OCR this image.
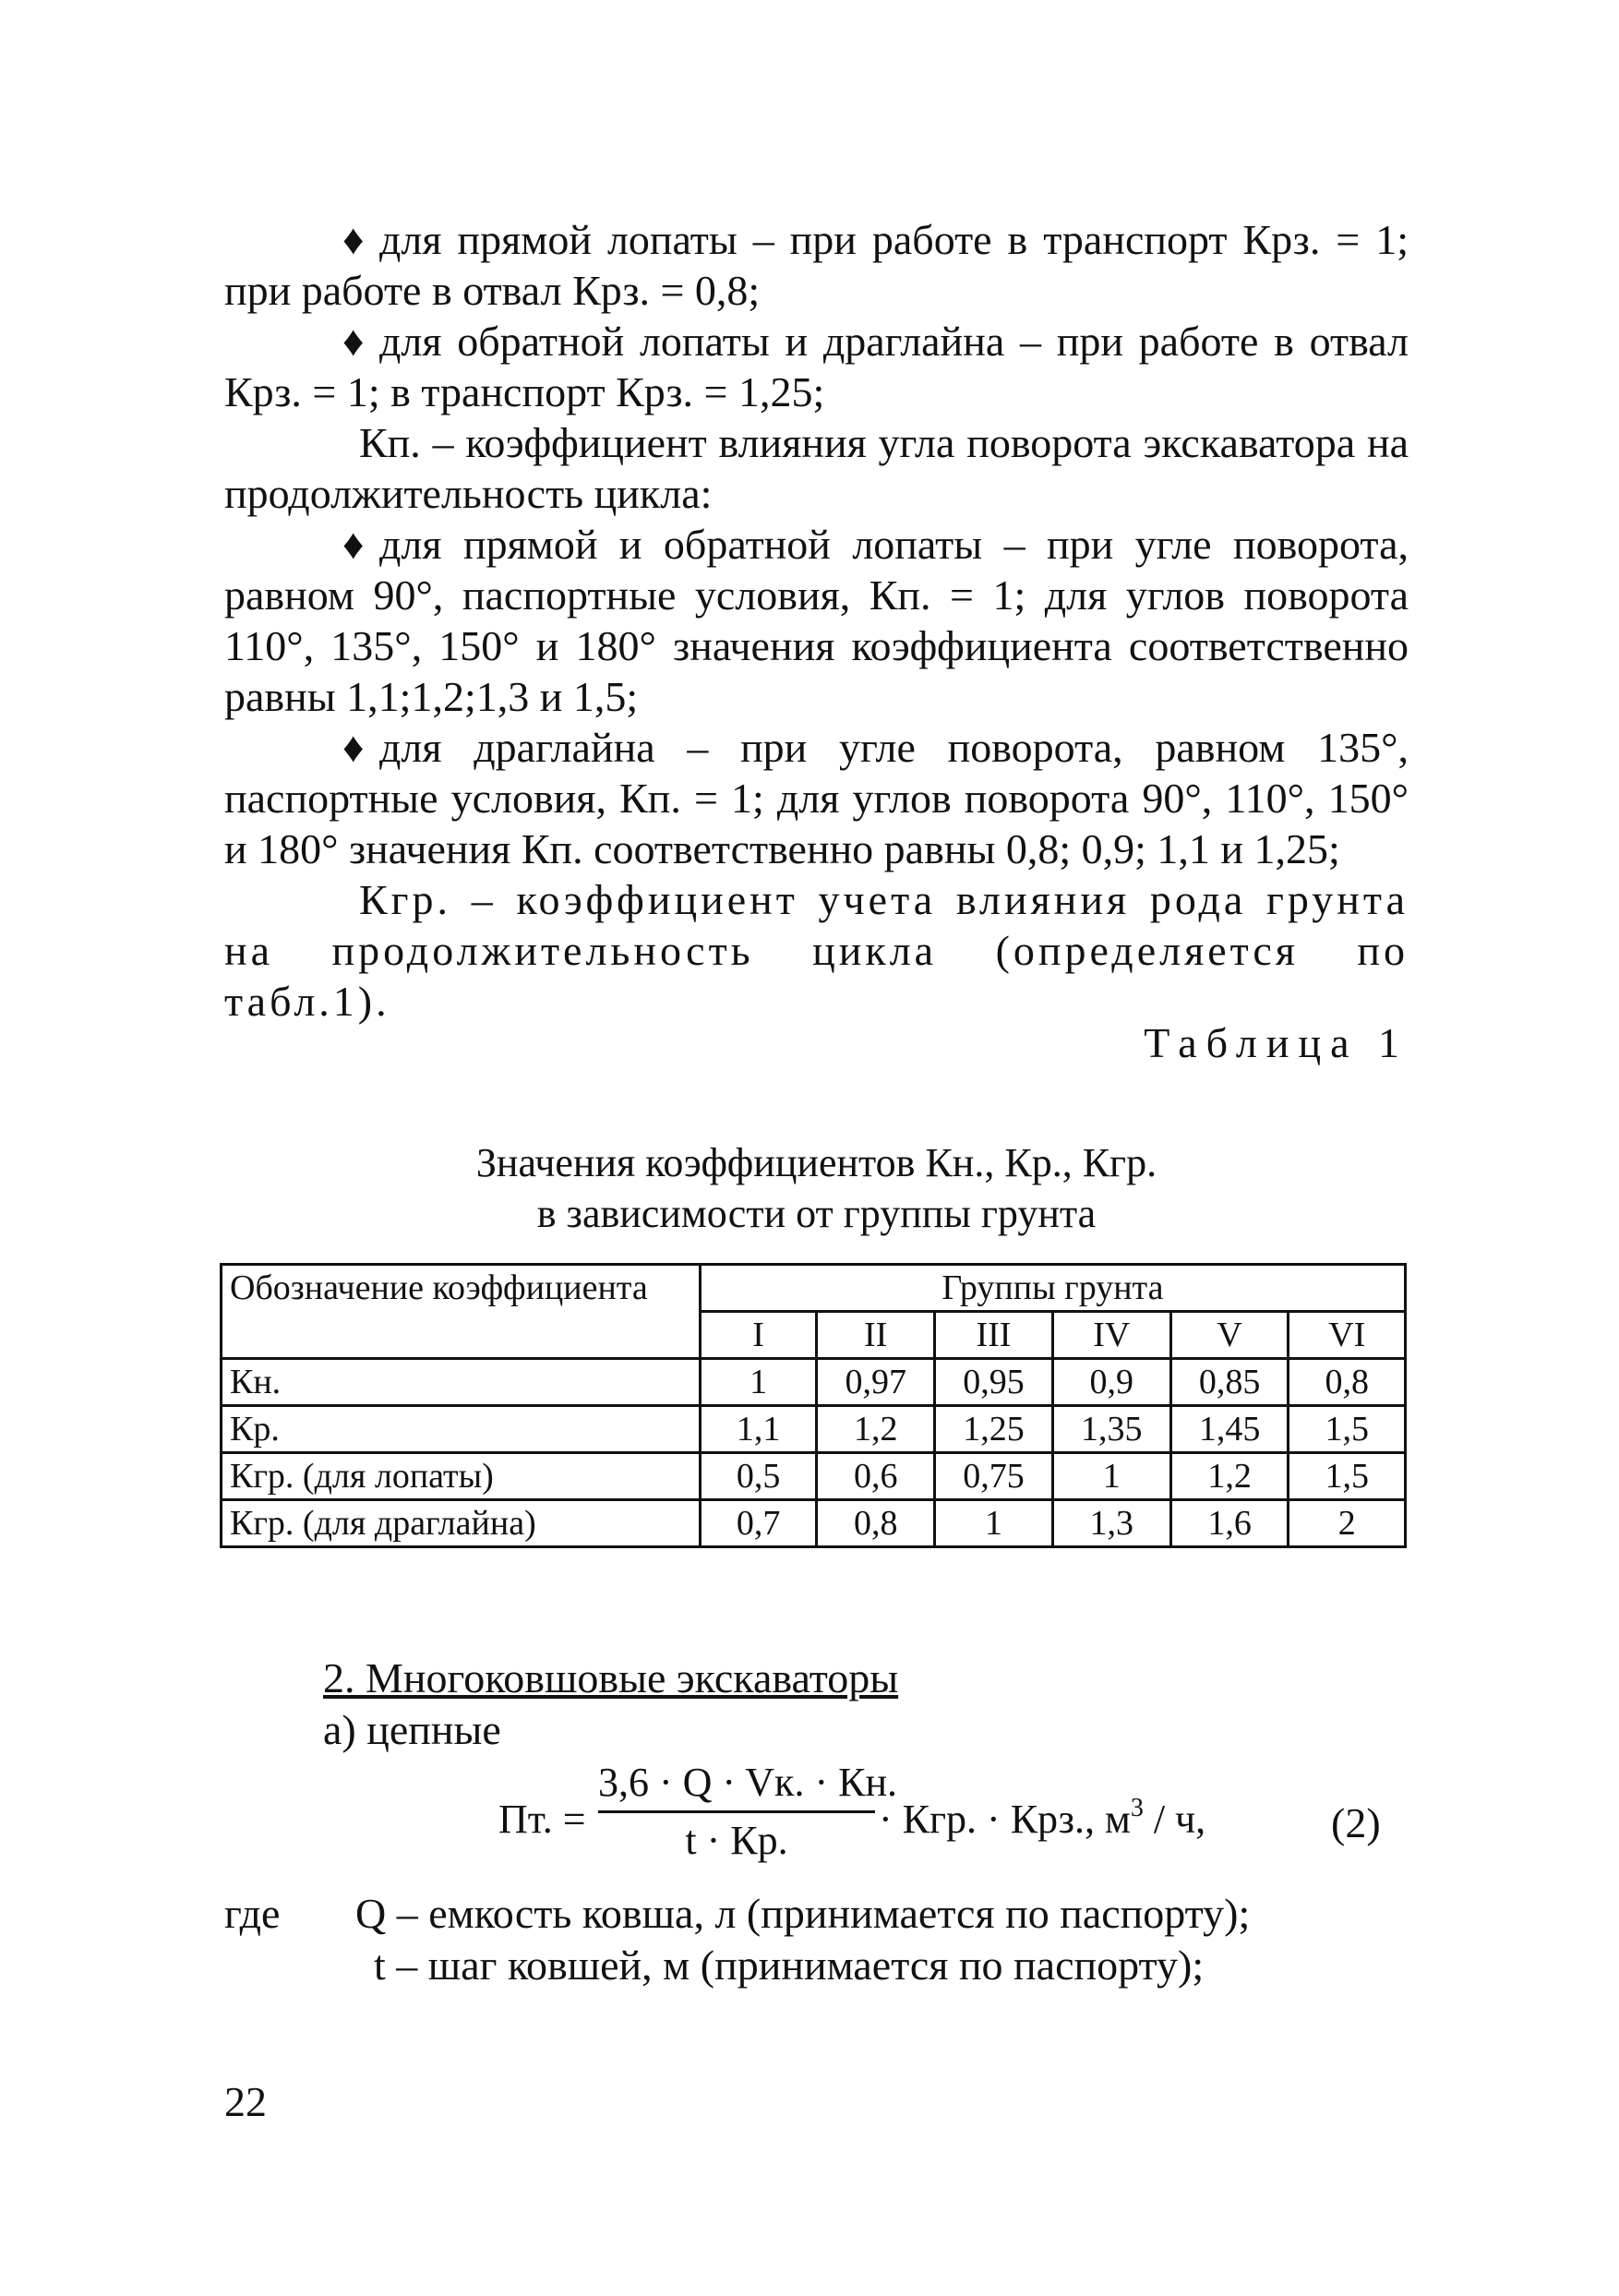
♦ для прямой лопаты – при работе в транспорт Крз. = 1; при работе в отвал Крз. = 0,8;
♦ для обратной лопаты и драглайна – при работе в отвал Крз. = 1; в транспорт Крз. = 1,25;
Кп. – коэффициент влияния угла поворота экскаватора на продолжительность цикла:
♦ для прямой и обратной лопаты – при угле поворота, равном 90°, паспортные условия, Кп. = 1; для углов поворота 110°, 135°, 150° и 180° значения коэффициента соответственно равны 1,1;1,2;1,3 и 1,5;
♦ для драглайна – при угле поворота, равном 135°, паспортные условия, Кп. = 1; для углов поворота 90°, 110°, 150° и 180° значения Кп. соответственно равны 0,8; 0,9; 1,1 и 1,25;
Кгр. – коэффициент учета влияния рода грунта на продолжительность цикла (определяется по табл.1).
Таблица 1
Значения коэффициентов Кн., Кр., Кгр.
в зависимости от группы грунта
Обозначение коэффициента	Группы грунта					
	I	II	III	IV	V	VI
Кн.	1	0,97	0,95	0,9	0,85	0,8
Кр.	1,1	1,2	1,25	1,35	1,45	1,5
Кгр. (для лопаты)	0,5	0,6	0,75	1	1,2	1,5
Кгр. (для драглайна)	0,7	0,8	1	1,3	1,6	2
2. Многоковшовые экскаваторы
а) цепные
Пт. =
3,6 · Q · Vк. · Кн.
t · Кр.	· Кгр. · Крз., $м^3$ / ч,	(2)
где Q – емкость ковша, л (принимается по паспорту);
t – шаг ковшей, м (принимается по паспорту);
22
